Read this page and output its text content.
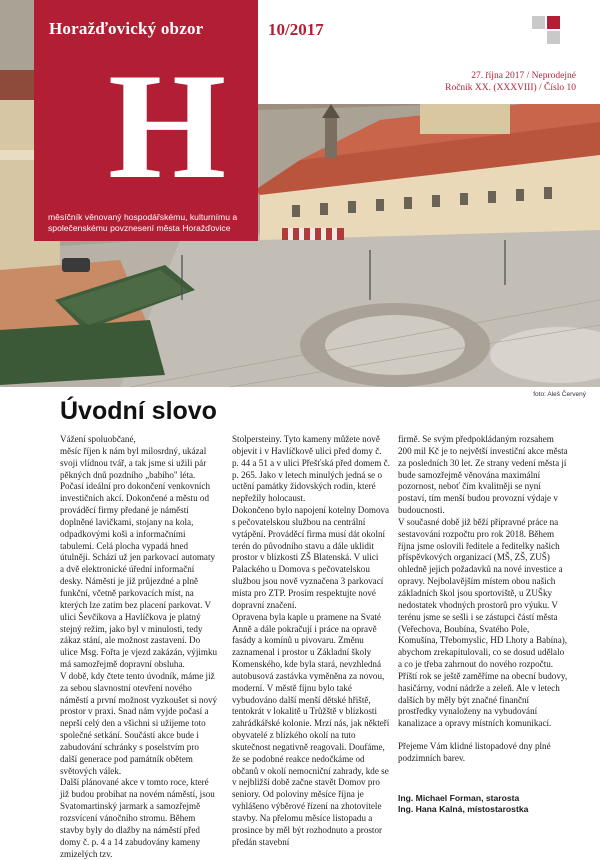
10/2017
27. října 2017 / Neprodejné
Ročník XX. (XXXVIII) / Číslo 10
Horažďovický obzor
H
měsíčník věnovaný hospodářskému, kulturnímu a společenskému povznesení města Horažďovice
foto: Aleš Červený
Úvodní slovo

Vážení spoluobčané,

měsíc říjen k nám byl milosrdný, ukázal svoji vlídnou tvář, a tak jsme si užili pár pěkných dnů pozdního „babího" léta. Počasí ideální pro dokončení venkovních investičních akcí. Dokončené a městu od prováděcí firmy předané je náměstí doplněné lavičkami, stojany na kola, odpadkovými koši a informačními tabulemi. Celá plocha vypadá hned útulněji. Schází už jen parkovací automaty a dvě elektronické úřední informační desky. Náměstí je již průjezdné a plně funkční, včetně parkovacích míst, na kterých lze zatím bez placení parkovat. V ulici Ševčíkova a Havlíčkova je platný stejný režim, jako byl v minulosti, tedy zákaz stání, ale možnost zastavení. Do ulice Msg. Fořta je vjezd zakázán, výjimku má samozřejmě dopravní obsluha.

V době, kdy čtete tento úvodník, máme již za sebou slavnostní otevření nového náměstí a první možnost vyzkoušet si nový prostor v praxi. Snad nám vyjde počasí a neprší celý den a všichni si užijeme toto společné setkání. Součástí akce bude i zabudování schránky s poselstvím pro další generace pod památník obětem světových válek.

Další plánované akce v tomto roce, které již budou probíhat na novém náměstí, jsou Svatomartinský jarmark a samozřejmě rozsvícení vánočního stromu. Během stavby byly do dlažby na náměstí před domy č. p. 4 a 14 zabudovány kameny zmizelých tzv.

Stolpersteiny. Tyto kameny můžete nově objevit i v Havlíčkově ulici před domy č. p. 44 a 51 a v ulici Přešťská před domem č. p. 265. Jako v letech minulých jedná se o uctění památky židovských rodin, které nepřežily holocaust.

Dokončeno bylo napojení kotelny Domova s pečovatelskou službou na centrální vytápění. Prováděcí firma musí dát okolní terén do původního stavu a dále uklidit prostor v blízkosti ZŠ Blatenská. V ulici Palackého u Domova s pečovatelskou službou jsou nově vyznačena 3 parkovací místa pro ZTP. Prosím respektujte nové dopravní značení.

Opravena byla kaple u pramene na Svaté Anně a dále pokračují i práce na opravě fasády a komínů u pivovaru. Změnu zaznamenal i prostor u Základní školy Komenského, kde byla stará, nevzhledná autobusová zastávka vyměněna za novou, moderní. V městě fíjnu bylo také vybudováno další menší dětské hřiště, tentokrát v lokalitě u Trůžště v blízkosti zahrádkářské kolonie. Mrzí nás, jak někteří obyvatelé z blízkého okolí na tuto skutečnost negativně reagovali. Doufáme, že se podobné reakce nedočkáme od občanů v okolí nemocniční zahrady, kde se v nejbližší době začne stavět Domov pro seniory. Od poloviny měsíce října je vyhlášeno výběrové řízení na zhotovitele stavby. Na přelomu měsíce listopadu a prosince by měl být rozhodnuto a prostor předán stavební

firmě. Se svým předpokládaným rozsahem 200 mil Kč je to největší investiční akce města za posledních 30 let. Ze strany vedení města jí bude samozřejmě věnována maximální pozornost, neboť čím kvalitněji se nyní postaví, tím menší budou provozní výdaje v budoucnosti.

V současné době již běží přípravné práce na sestavování rozpočtu pro rok 2018. Během října jsme oslovili ředitele a ředitelky našich příspěvkových organizací (MŠ, ZŠ, ZUŠ) ohledně jejich požadavků na nové investice a opravy. Nejbolavějším místem obou našich základních škol jsou sportoviště, u ZUŠky nedostatek vhodných prostorů pro výuku. V terénu jsme se sešli i se zástupci částí města (Veřechova, Boubína, Svatého Pole, Komušína, Třebomyslic, HD Lhoty a Babína), abychom zrekapitulovali, co se dosud udělalo a co je třeba zahrnout do nového rozpočtu. Příští rok se ještě zaměříme na obecní budovy, hasičárny, vodní nádrže a zeleň. Ale v letech dalších by měly být značné finanční prostředky vynaloženy na vybudování kanalizace a opravy místních komunikací.

Přejeme Vám klidné listopadové dny plné podzimních barev.

Ing. Michael Forman, starosta

Ing. Hana Kalná, místostarostka
